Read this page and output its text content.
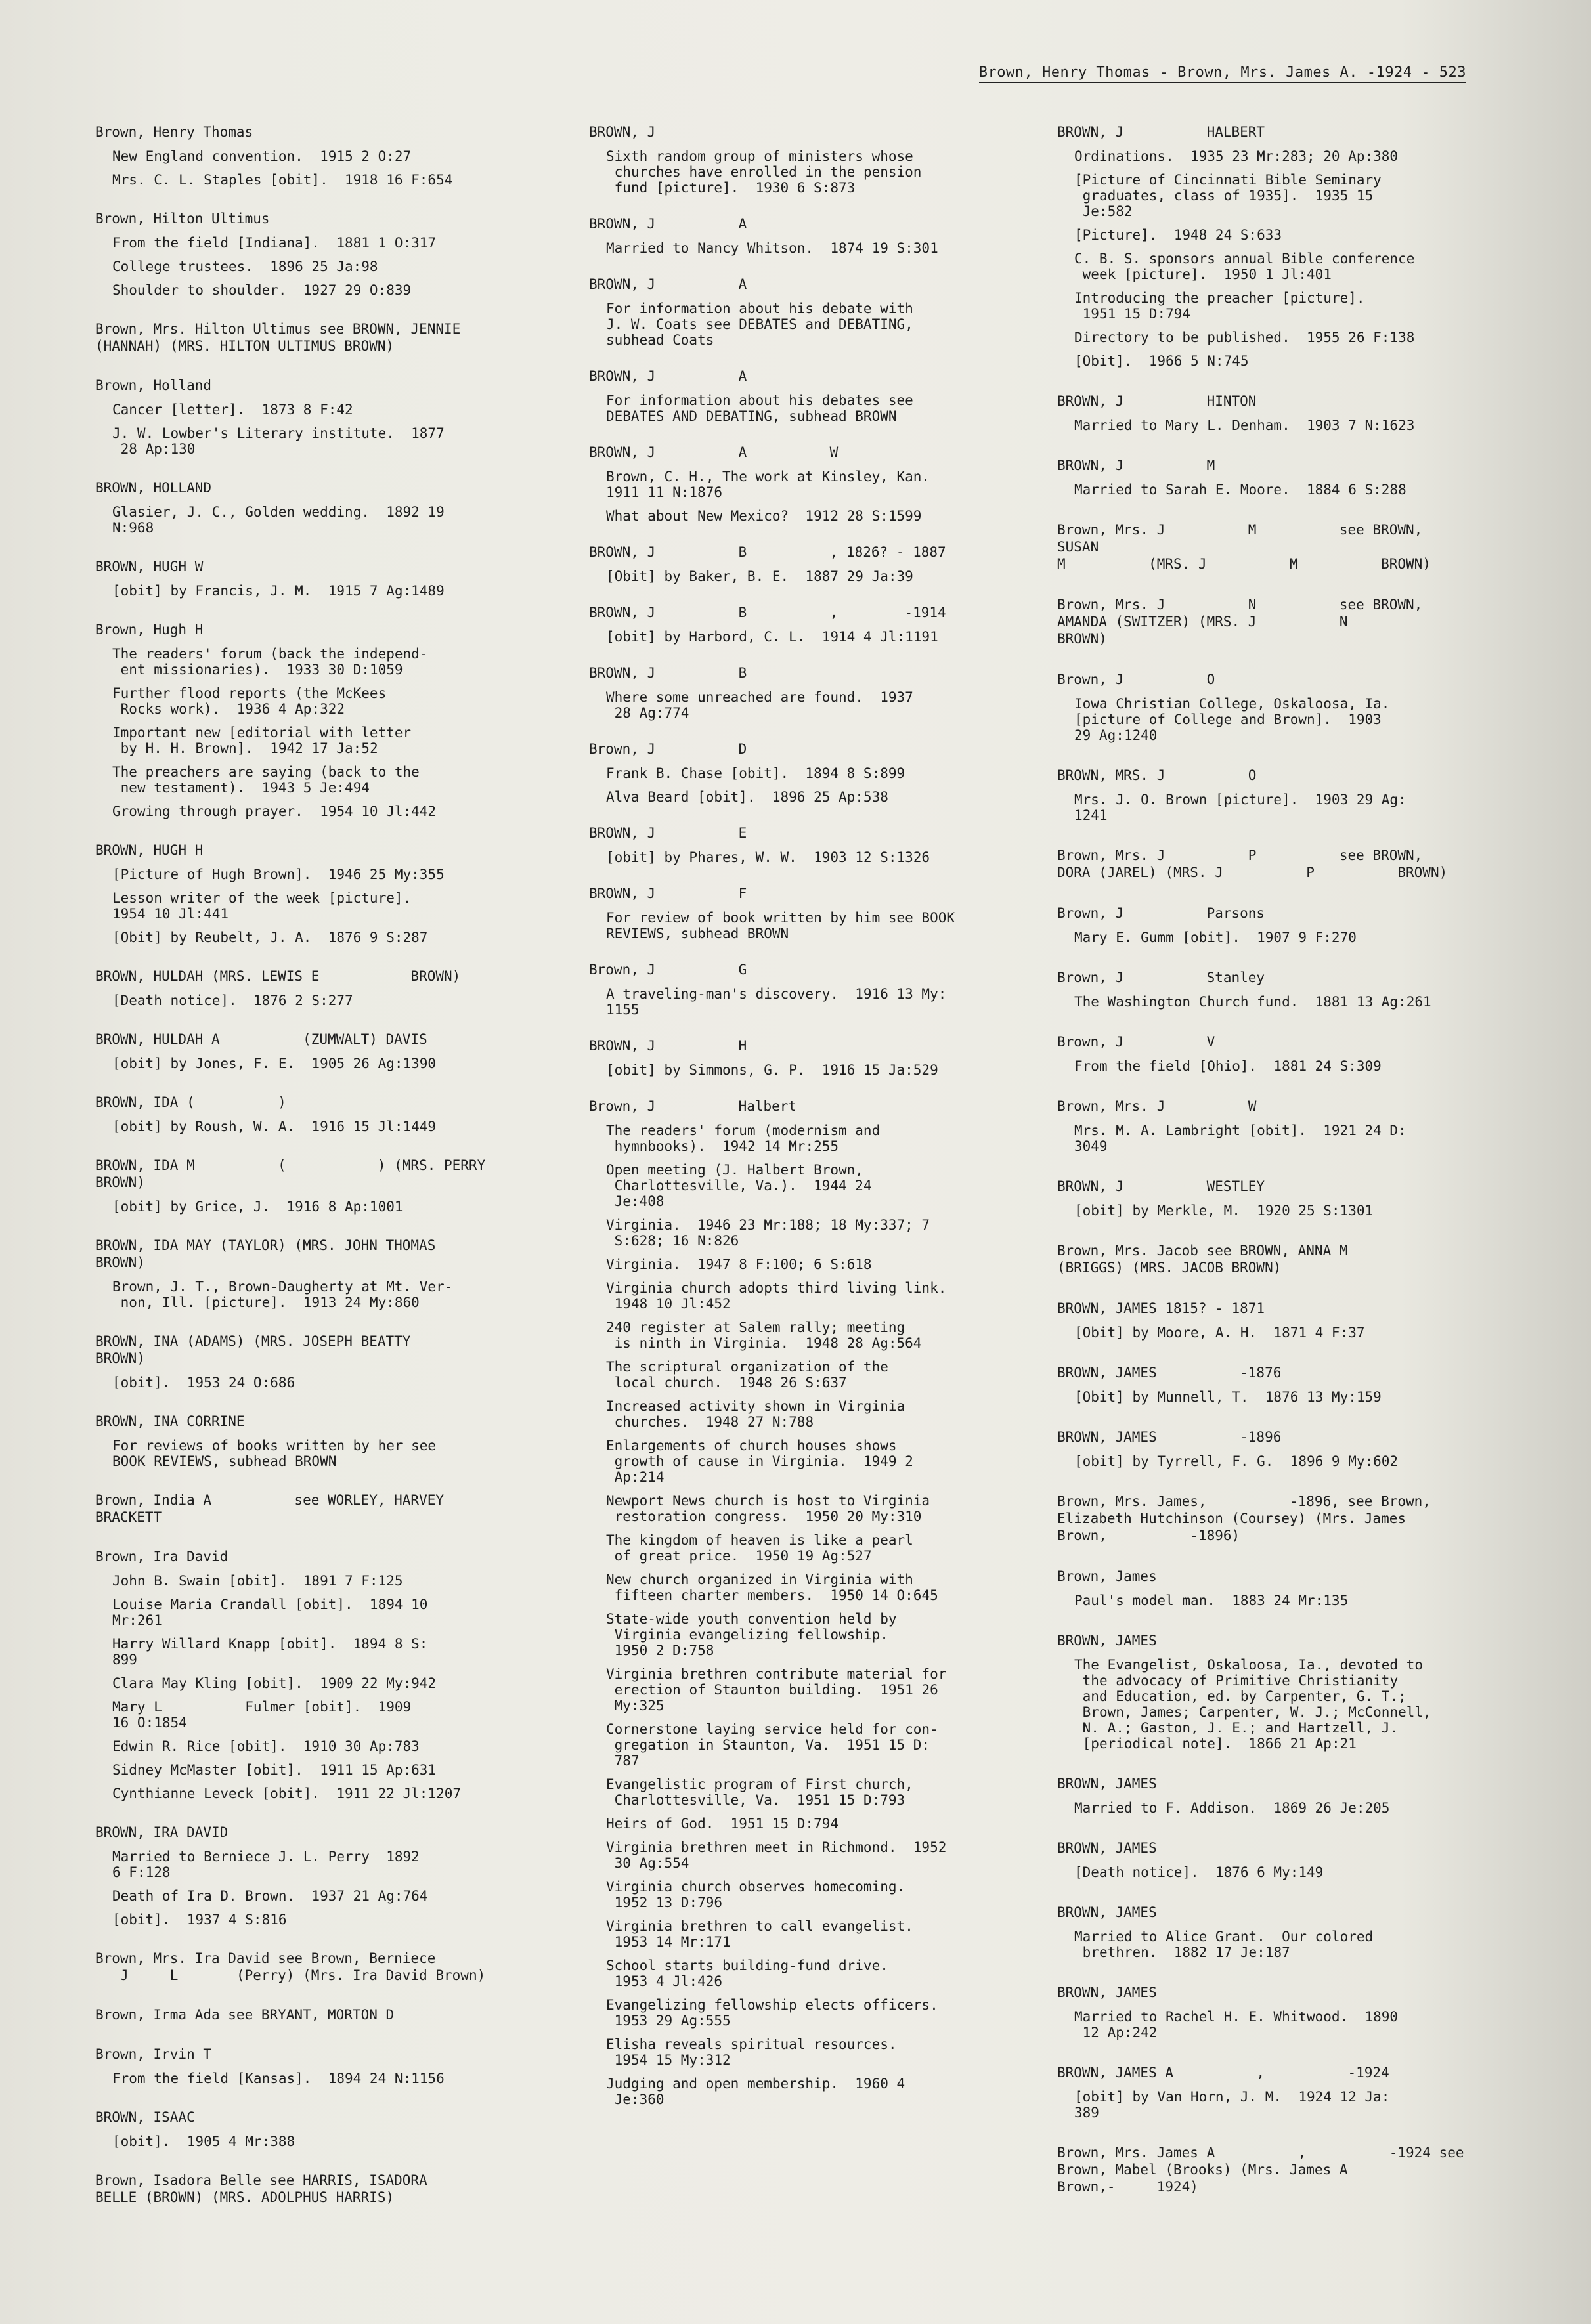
Brown, Henry Thomas - Brown, Mrs. James A. -1924 - 523
Brown, Henry Thomas
New England convention.  1915 2 O:27
Mrs. C. L. Staples [obit].  1918 16 F:654
Brown, Hilton Ultimus
From the field [Indiana].  1881 1 O:317
College trustees.  1896 25 Ja:98
Shoulder to shoulder.  1927 29 O:839
Brown, Mrs. Hilton Ultimus see BROWN, JENNIE
(HANNAH) (MRS. HILTON ULTIMUS BROWN)
Brown, Holland
Cancer [letter].  1873 8 F:42
J. W. Lowber's Literary institute.  1877
28 Ap:130
BROWN, HOLLAND
Glasier, J. C., Golden wedding.  1892 19
N:968
BROWN, HUGH W
[obit] by Francis, J. M.  1915 7 Ag:1489
Brown, Hugh H
The readers' forum (back the independ-
ent missionaries).  1933 30 D:1059
Further flood reports (the McKees
Rocks work).  1936 4 Ap:322
Important new [editorial with letter
by H. H. Brown].  1942 17 Ja:52
The preachers are saying (back to the
new testament).  1943 5 Je:494
Growing through prayer.  1954 10 Jl:442
BROWN, HUGH H
[Picture of Hugh Brown].  1946 25 My:355
Lesson writer of the week [picture].
1954 10 Jl:441
[Obit] by Reubelt, J. A.  1876 9 S:287
BROWN, HULDAH (MRS. LEWIS E           BROWN)
[Death notice].  1876 2 S:277
BROWN, HULDAH A          (ZUMWALT) DAVIS
[obit] by Jones, F. E.  1905 26 Ag:1390
BROWN, IDA (          )
[obit] by Roush, W. A.  1916 15 Jl:1449
BROWN, IDA M          (           ) (MRS. PERRY
BROWN)
[obit] by Grice, J.  1916 8 Ap:1001
BROWN, IDA MAY (TAYLOR) (MRS. JOHN THOMAS
BROWN)
Brown, J. T., Brown-Daugherty at Mt. Ver-
non, Ill. [picture].  1913 24 My:860
BROWN, INA (ADAMS) (MRS. JOSEPH BEATTY
BROWN)
[obit].  1953 24 O:686
BROWN, INA CORRINE
For reviews of books written by her see
BOOK REVIEWS, subhead BROWN
Brown, India A          see WORLEY, HARVEY
BRACKETT
Brown, Ira David
John B. Swain [obit].  1891 7 F:125
Louise Maria Crandall [obit].  1894 10
Mr:261
Harry Willard Knapp [obit].  1894 8 S:
899
Clara May Kling [obit].  1909 22 My:942
Mary L          Fulmer [obit].  1909
16 O:1854
Edwin R. Rice [obit].  1910 30 Ap:783
Sidney McMaster [obit].  1911 15 Ap:631
Cynthianne Leveck [obit].  1911 22 Jl:1207
BROWN, IRA DAVID
Married to Berniece J. L. Perry  1892
6 F:128
Death of Ira D. Brown.  1937 21 Ag:764
[obit].  1937 4 S:816
Brown, Mrs. Ira David see Brown, Berniece
J     L       (Perry) (Mrs. Ira David Brown)
Brown, Irma Ada see BRYANT, MORTON D
Brown, Irvin T
From the field [Kansas].  1894 24 N:1156
BROWN, ISAAC
[obit].  1905 4 Mr:388
Brown, Isadora Belle see HARRIS, ISADORA
BELLE (BROWN) (MRS. ADOLPHUS HARRIS)
BROWN, J
Sixth random group of ministers whose
churches have enrolled in the pension
fund [picture].  1930 6 S:873
BROWN, J          A
Married to Nancy Whitson.  1874 19 S:301
BROWN, J          A
For information about his debate with
J. W. Coats see DEBATES and DEBATING,
subhead Coats
BROWN, J          A
For information about his debates see
DEBATES AND DEBATING, subhead BROWN
BROWN, J          A          W
Brown, C. H., The work at Kinsley, Kan.
1911 11 N:1876
What about New Mexico?  1912 28 S:1599
BROWN, J          B          , 1826? - 1887
[Obit] by Baker, B. E.  1887 29 Ja:39
BROWN, J          B          ,        -1914
[obit] by Harbord, C. L.  1914 4 Jl:1191
BROWN, J          B
Where some unreached are found.  1937
28 Ag:774
Brown, J          D
Frank B. Chase [obit].  1894 8 S:899
Alva Beard [obit].  1896 25 Ap:538
BROWN, J          E
[obit] by Phares, W. W.  1903 12 S:1326
BROWN, J          F
For review of book written by him see BOOK
REVIEWS, subhead BROWN
Brown, J          G
A traveling-man's discovery.  1916 13 My:
1155
BROWN, J          H
[obit] by Simmons, G. P.  1916 15 Ja:529
Brown, J          Halbert
The readers' forum (modernism and
hymnbooks).  1942 14 Mr:255
Open meeting (J. Halbert Brown,
Charlottesville, Va.).  1944 24
Je:408
Virginia.  1946 23 Mr:188; 18 My:337; 7
S:628; 16 N:826
Virginia.  1947 8 F:100; 6 S:618
Virginia church adopts third living link.
1948 10 Jl:452
240 register at Salem rally; meeting
is ninth in Virginia.  1948 28 Ag:564
The scriptural organization of the
local church.  1948 26 S:637
Increased activity shown in Virginia
churches.  1948 27 N:788
Enlargements of church houses shows
growth of cause in Virginia.  1949 2
Ap:214
Newport News church is host to Virginia
restoration congress.  1950 20 My:310
The kingdom of heaven is like a pearl
of great price.  1950 19 Ag:527
New church organized in Virginia with
fifteen charter members.  1950 14 O:645
State-wide youth convention held by
Virginia evangelizing fellowship.
1950 2 D:758
Virginia brethren contribute material for
erection of Staunton building.  1951 26
My:325
Cornerstone laying service held for con-
gregation in Staunton, Va.  1951 15 D:
787
Evangelistic program of First church,
Charlottesville, Va.  1951 15 D:793
Heirs of God.  1951 15 D:794
Virginia brethren meet in Richmond.  1952
30 Ag:554
Virginia church observes homecoming.
1952 13 D:796
Virginia brethren to call evangelist.
1953 14 Mr:171
School starts building-fund drive.
1953 4 Jl:426
Evangelizing fellowship elects officers.
1953 29 Ag:555
Elisha reveals spiritual resources.
1954 15 My:312
Judging and open membership.  1960 4
Je:360
BROWN, J          HALBERT
Ordinations.  1935 23 Mr:283; 20 Ap:380
[Picture of Cincinnati Bible Seminary
graduates, class of 1935].  1935 15
Je:582
[Picture].  1948 24 S:633
C. B. S. sponsors annual Bible conference
week [picture].  1950 1 Jl:401
Introducing the preacher [picture].
1951 15 D:794
Directory to be published.  1955 26 F:138
[Obit].  1966 5 N:745
BROWN, J          HINTON
Married to Mary L. Denham.  1903 7 N:1623
BROWN, J          M
Married to Sarah E. Moore.  1884 6 S:288
Brown, Mrs. J          M          see BROWN, SUSAN
M          (MRS. J          M          BROWN)
Brown, Mrs. J          N          see BROWN,
AMANDA (SWITZER) (MRS. J          N
BROWN)
Brown, J          O
Iowa Christian College, Oskaloosa, Ia.
[picture of College and Brown].  1903
29 Ag:1240
BROWN, MRS. J          O
Mrs. J. O. Brown [picture].  1903 29 Ag:
1241
Brown, Mrs. J          P          see BROWN,
DORA (JAREL) (MRS. J          P          BROWN)
Brown, J          Parsons
Mary E. Gumm [obit].  1907 9 F:270
Brown, J          Stanley
The Washington Church fund.  1881 13 Ag:261
Brown, J          V
From the field [Ohio].  1881 24 S:309
Brown, Mrs. J          W
Mrs. M. A. Lambright [obit].  1921 24 D:
3049
BROWN, J          WESTLEY
[obit] by Merkle, M.  1920 25 S:1301
Brown, Mrs. Jacob see BROWN, ANNA M
(BRIGGS) (MRS. JACOB BROWN)
BROWN, JAMES 1815? - 1871
[Obit] by Moore, A. H.  1871 4 F:37
BROWN, JAMES          -1876
[Obit] by Munnell, T.  1876 13 My:159
BROWN, JAMES          -1896
[obit] by Tyrrell, F. G.  1896 9 My:602
Brown, Mrs. James,          -1896, see Brown,
Elizabeth Hutchinson (Coursey) (Mrs. James
Brown,          -1896)
Brown, James
Paul's model man.  1883 24 Mr:135
BROWN, JAMES
The Evangelist, Oskaloosa, Ia., devoted to
the advocacy of Primitive Christianity
and Education, ed. by Carpenter, G. T.;
Brown, James; Carpenter, W. J.; McConnell,
N. A.; Gaston, J. E.; and Hartzell, J.
[periodical note].  1866 21 Ap:21
BROWN, JAMES
Married to F. Addison.  1869 26 Je:205
BROWN, JAMES
[Death notice].  1876 6 My:149
BROWN, JAMES
Married to Alice Grant.  Our colored
brethren.  1882 17 Je:187
BROWN, JAMES
Married to Rachel H. E. Whitwood.  1890
12 Ap:242
BROWN, JAMES A          ,          -1924
[obit] by Van Horn, J. M.  1924 12 Ja:
389
Brown, Mrs. James A          ,          -1924 see
Brown, Mabel (Brooks) (Mrs. James A
Brown,-     1924)
